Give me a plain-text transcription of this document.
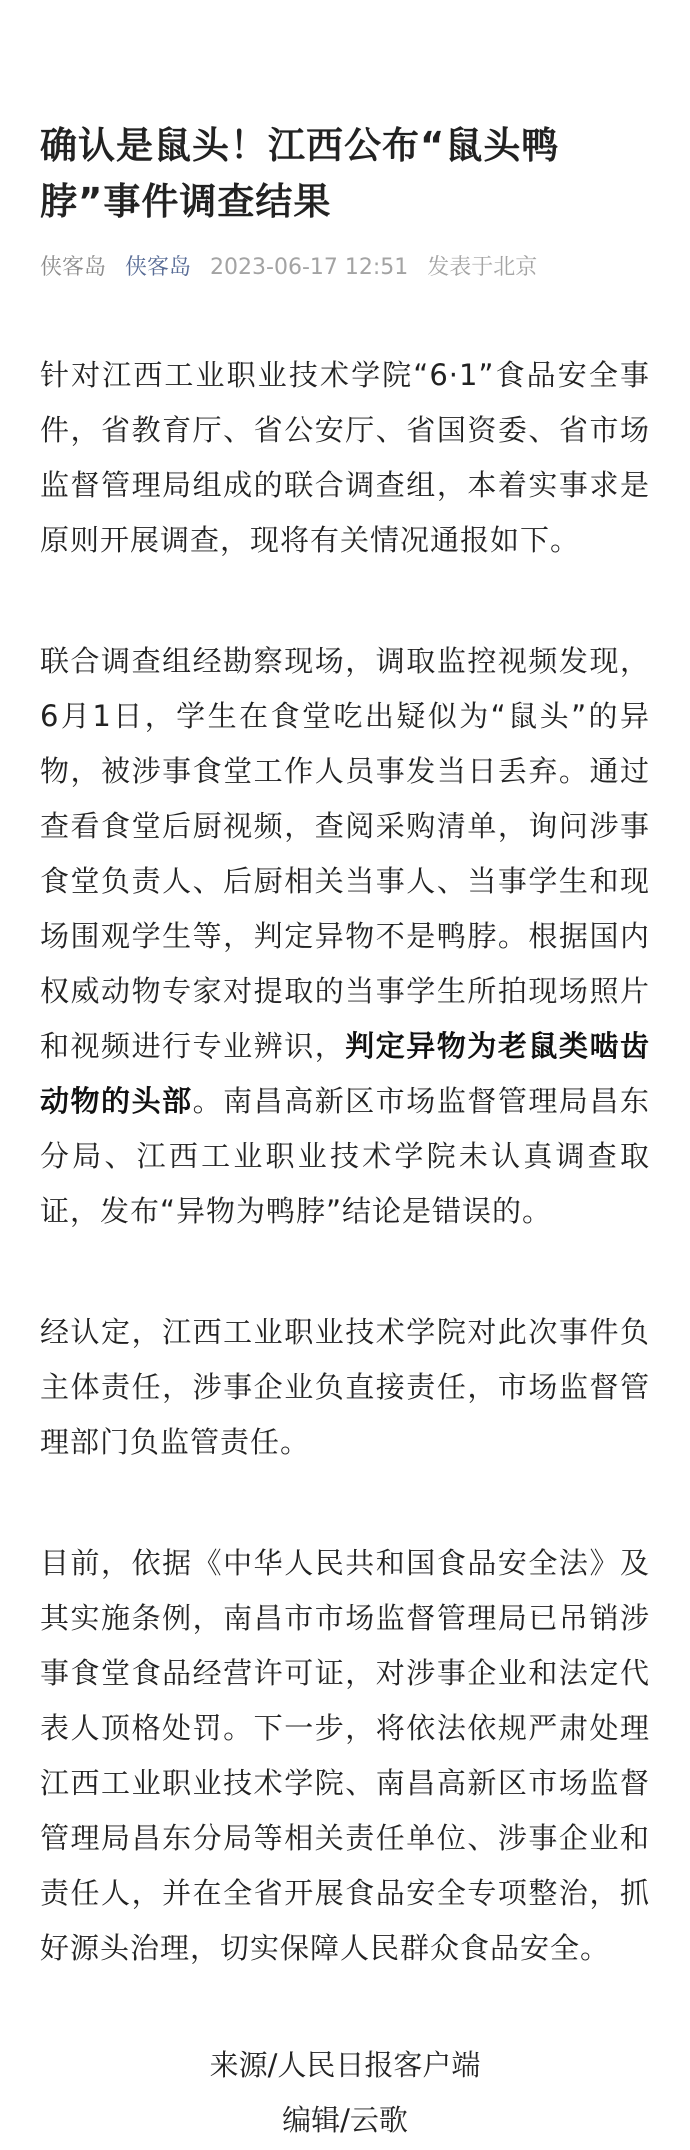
确认是鼠头！江西公布“鼠头鸭脖”事件调查结果
侠客岛 侠客岛 2023-06-17 12:51 发表于北京

针对江西工业职业技术学院“6·1”食品安全事件，省教育厅、省公安厅、省国资委、省市场监督管理局组成的联合调查组，本着实事求是原则开展调查，现将有关情况通报如下。

联合调查组经勘察现场，调取监控视频发现，6月1日，学生在食堂吃出疑似为“鼠头”的异物，被涉事食堂工作人员事发当日丢弃。通过查看食堂后厨视频，查阅采购清单，询问涉事食堂负责人、后厨相关当事人、当事学生和现场围观学生等，判定异物不是鸭脖。根据国内权威动物专家对提取的当事学生所拍现场照片和视频进行专业辨识，判定异物为老鼠类啮齿动物的头部。南昌高新区市场监督管理局昌东分局、江西工业职业技术学院未认真调查取证，发布“异物为鸭脖”结论是错误的。

经认定，江西工业职业技术学院对此次事件负主体责任，涉事企业负直接责任，市场监督管理部门负监管责任。

目前，依据《中华人民共和国食品安全法》及其实施条例，南昌市市场监督管理局已吊销涉事食堂食品经营许可证，对涉事企业和法定代表人顶格处罚。下一步，将依法依规严肃处理江西工业职业技术学院、南昌高新区市场监督管理局昌东分局等相关责任单位、涉事企业和责任人，并在全省开展食品安全专项整治，抓好源头治理，切实保障人民群众食品安全。

来源/人民日报客户端
编辑/云歌
